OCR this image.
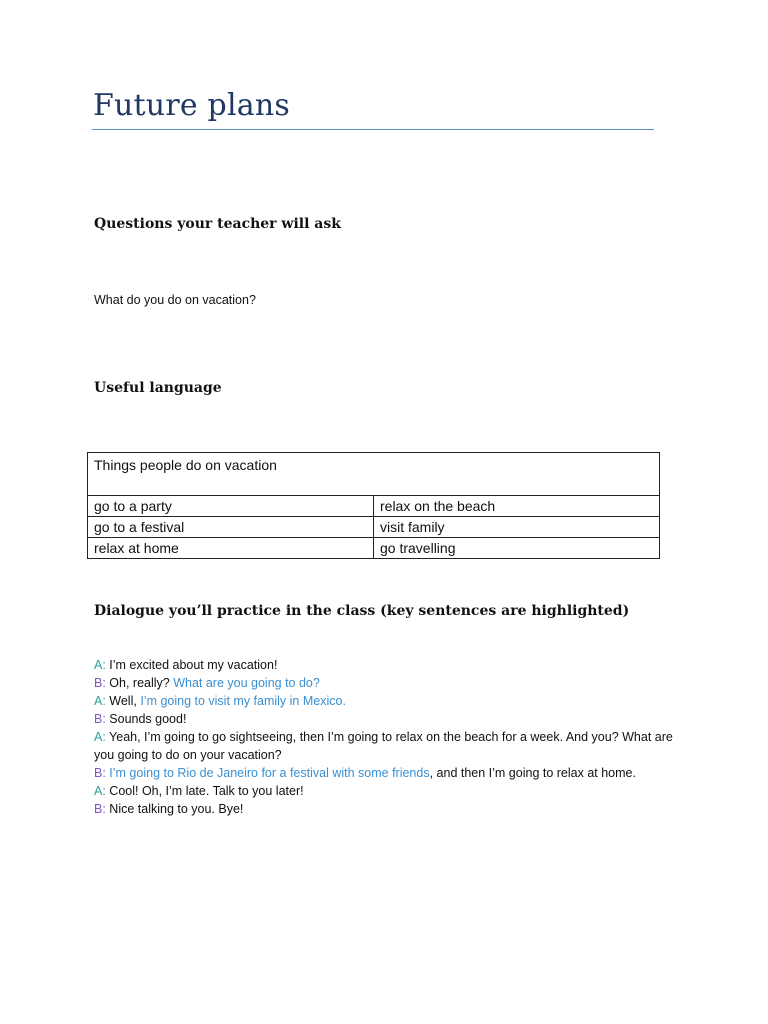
Future plans
Questions your teacher will ask

What do you do on vacation?

Useful language
Things people do on vacation	
go to a party	relax on the beach
go to a festival	visit family
relax at home	go travelling
Dialogue you’ll practice in the class (key sentences are highlighted)

A: I’m excited about my vacation!

B: Oh, really? What are you going to do?

A: Well, I’m going to visit my family in Mexico.

B: Sounds good!

A: Yeah, I’m going to go sightseeing, then I’m going to relax on the beach for a week. And you? What are you going to do on your vacation?

B: I’m going to Rio de Janeiro for a festival with some friends, and then I’m going to relax at home.

A: Cool! Oh, I’m late. Talk to you later!

B: Nice talking to you. Bye!
